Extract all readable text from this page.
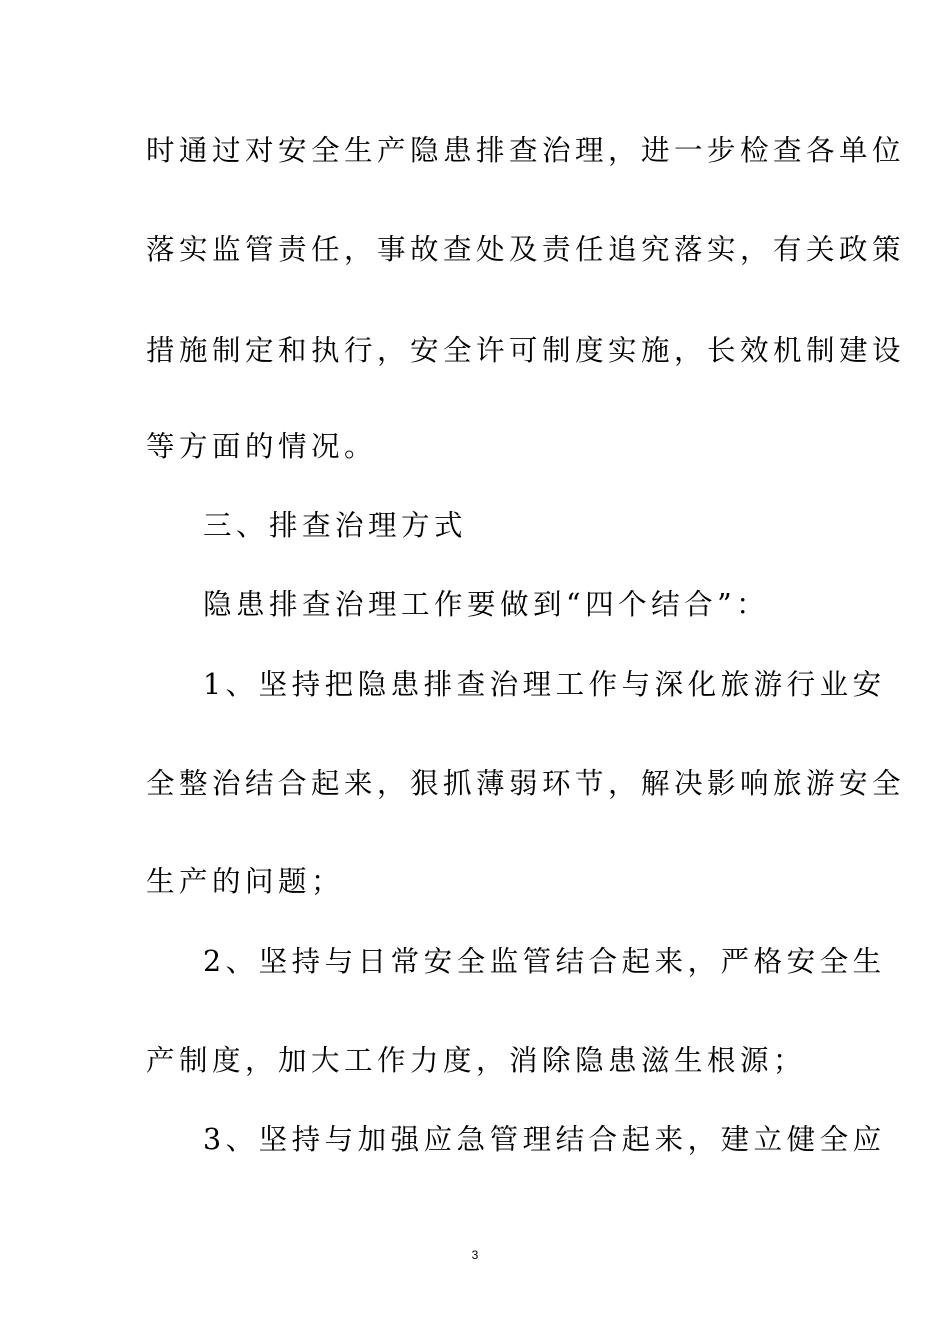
时通过对安全生产隐患排查治理，进一步检查各单位
落实监管责任，事故查处及责任追究落实，有关政策
措施制定和执行，安全许可制度实施，长效机制建设
等方面的情况。
三、排查治理方式
隐患排查治理工作要做到“四个结合”：
1、坚持把隐患排查治理工作与深化旅游行业安
全整治结合起来，狠抓薄弱环节，解决影响旅游安全
生产的问题；
2、坚持与日常安全监管结合起来，严格安全生
产制度，加大工作力度，消除隐患滋生根源；
3、坚持与加强应急管理结合起来，建立健全应
3
